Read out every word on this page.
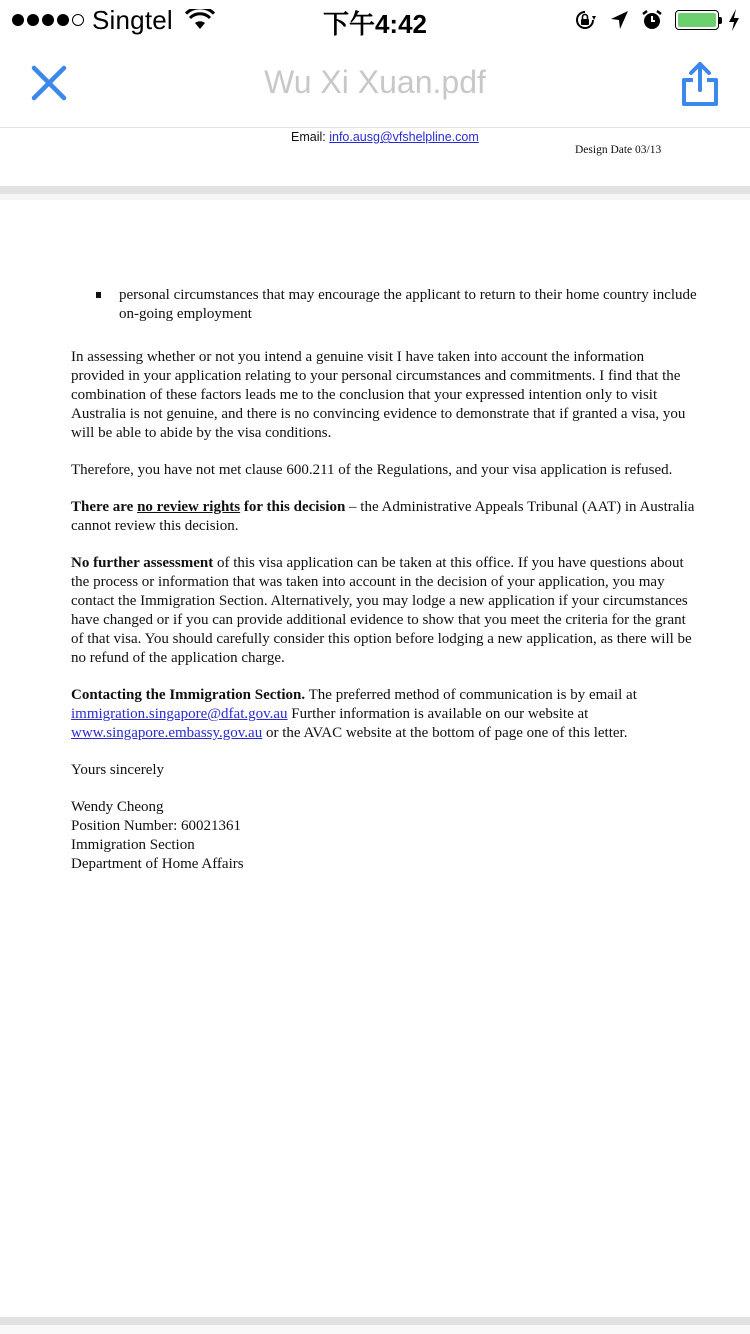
Singtel	下午4:42
Wu Xi Xuan.pdf
Email: info.ausg@vfshelpline.com
Design Date 03/13
personal circumstances that may encourage the applicant to return to their home country include on-going employment

In assessing whether or not you intend a genuine visit I have taken into account the information provided in your application relating to your personal circumstances and commitments. I find that the combination of these factors leads me to the conclusion that your expressed intention only to visit Australia is not genuine, and there is no convincing evidence to demonstrate that if granted a visa, you will be able to abide by the visa conditions.

Therefore, you have not met clause 600.211 of the Regulations, and your visa application is refused.

There are no review rights for this decision – the Administrative Appeals Tribunal (AAT) in Australia cannot review this decision.

No further assessment of this visa application can be taken at this office. If you have questions about the process or information that was taken into account in the decision of your application, you may contact the Immigration Section. Alternatively, you may lodge a new application if your circumstances have changed or if you can provide additional evidence to show that you meet the criteria for the grant of that visa. You should carefully consider this option before lodging a new application, as there will be no refund of the application charge.

Contacting the Immigration Section. The preferred method of communication is by email at
immigration.singapore@dfat.gov.au Further information is available on our website at
www.singapore.embassy.gov.au or the AVAC website at the bottom of page one of this letter.

Yours sincerely

Wendy Cheong

Position Number: 60021361

Immigration Section

Department of Home Affairs
